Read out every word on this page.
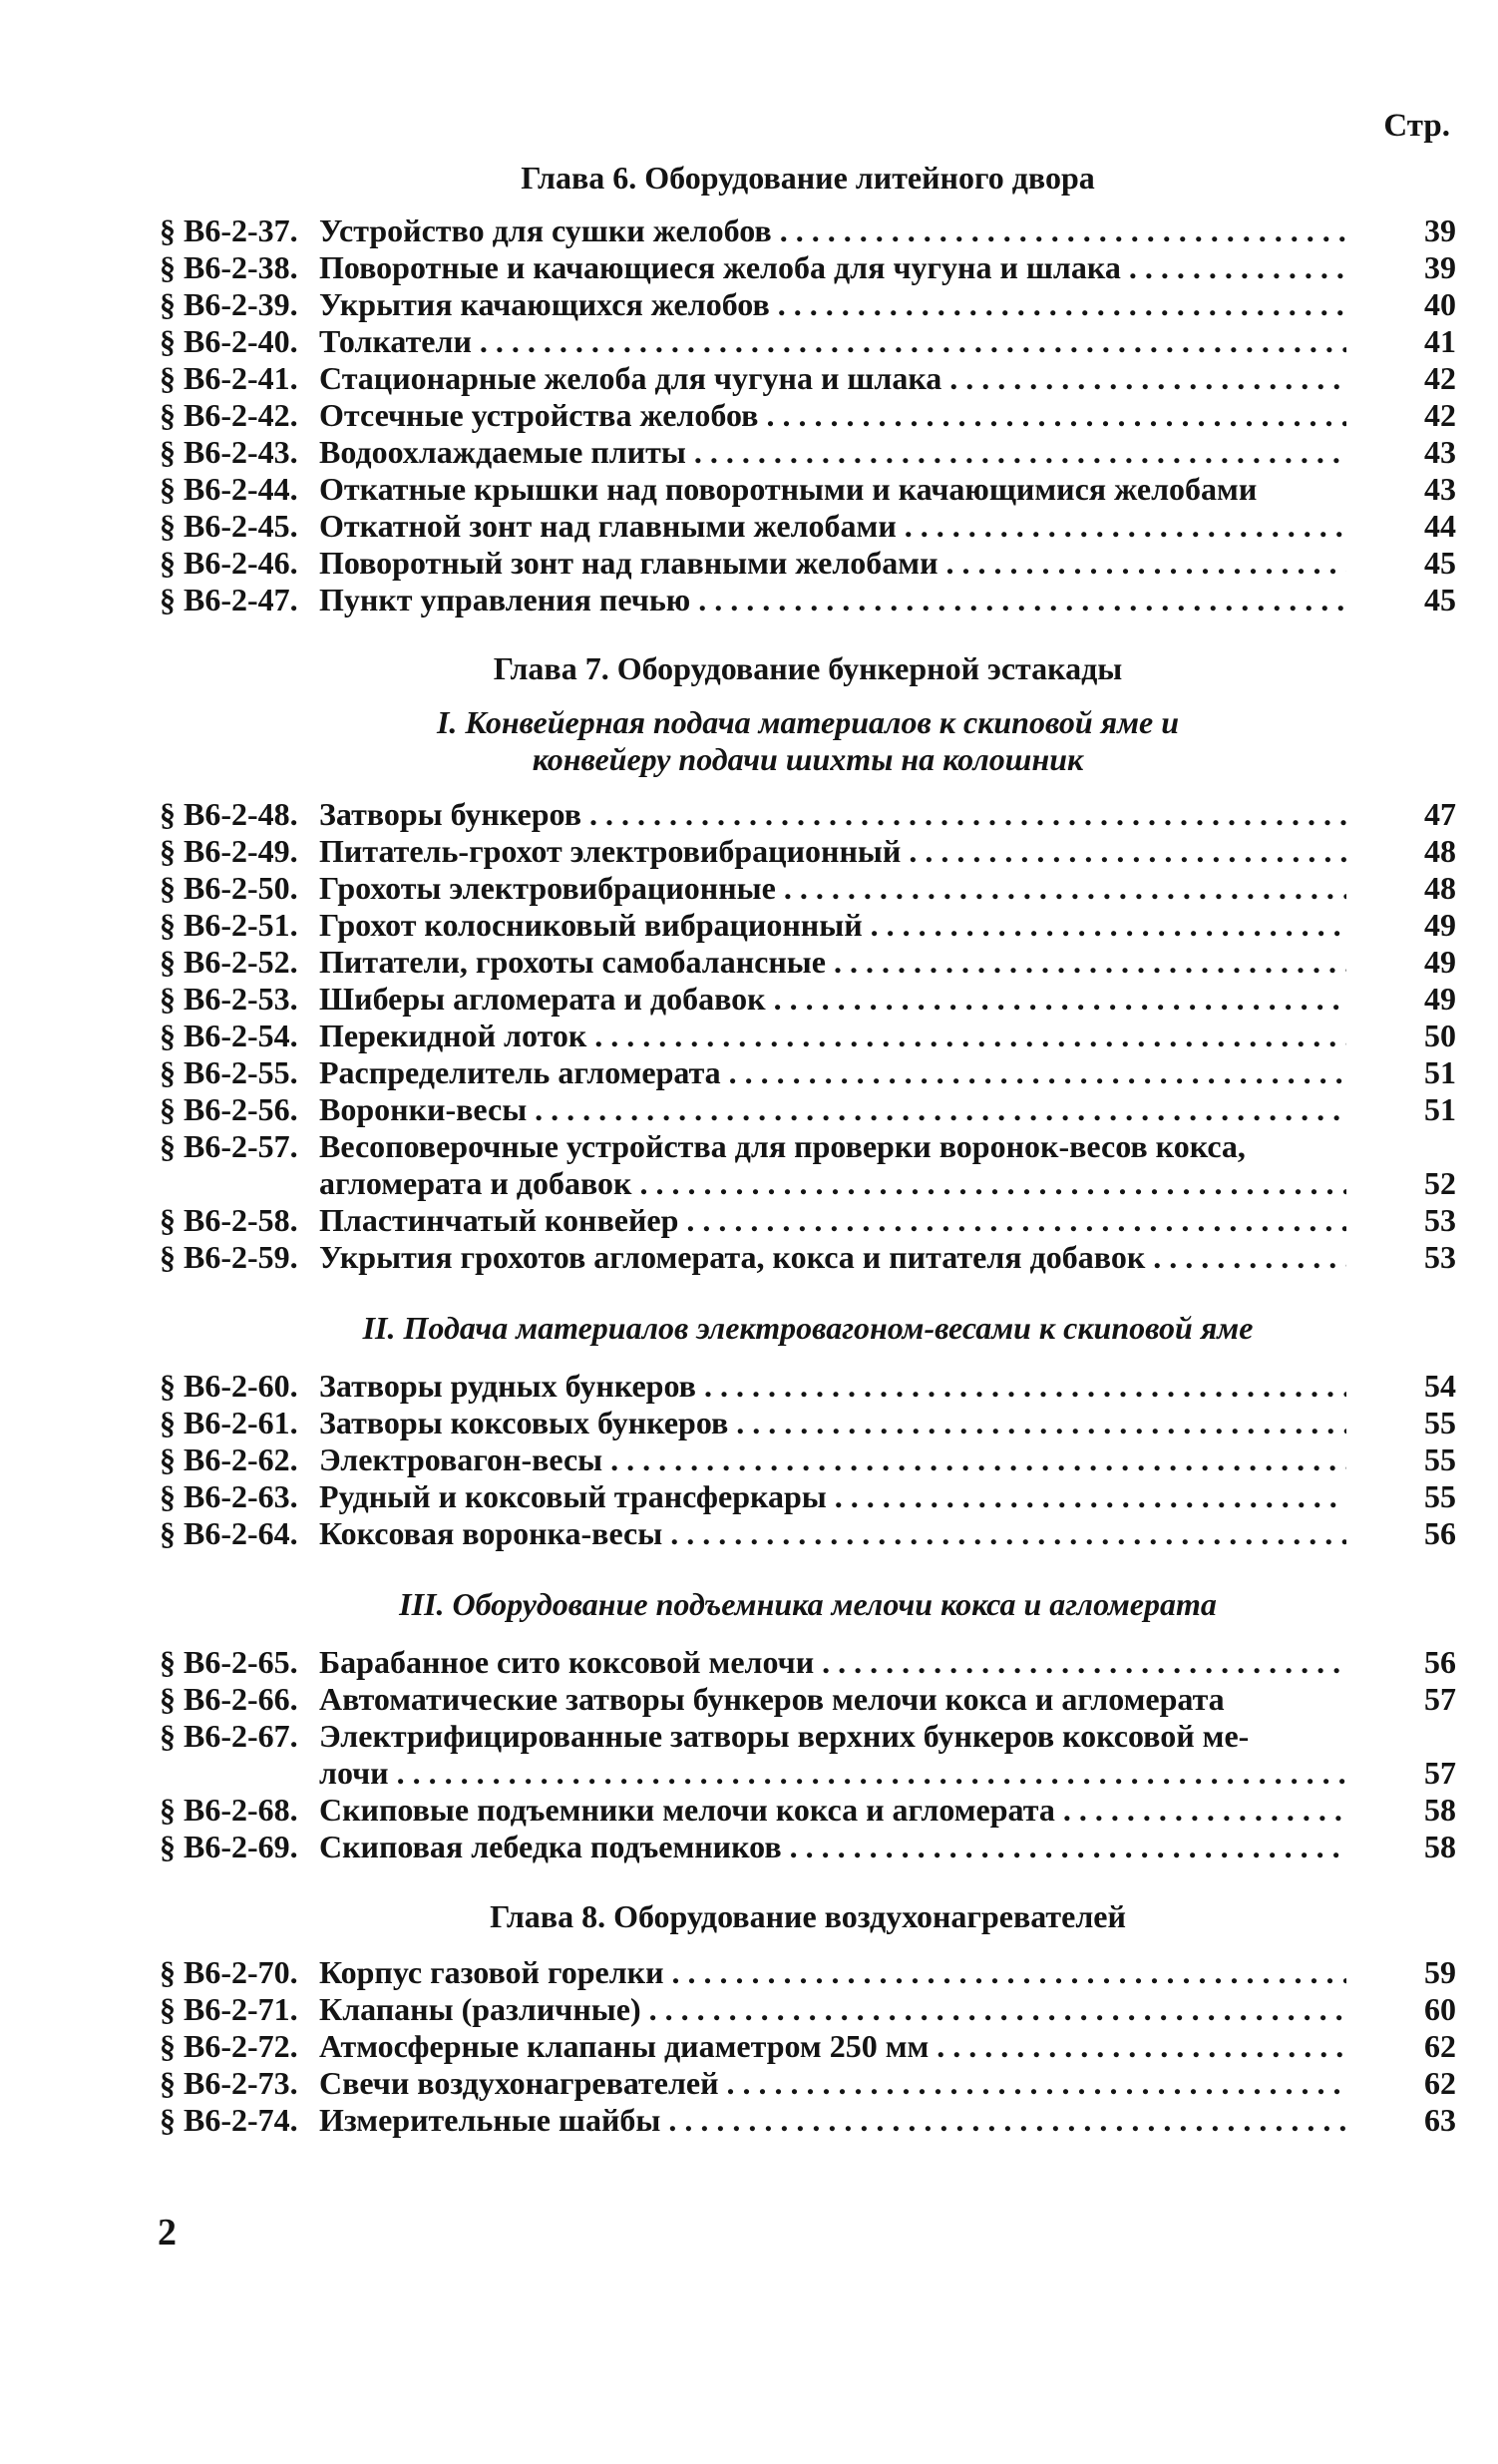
Стр.
Глава 6. Оборудование литейного двора
§ В6-2-37. Устройство для сушки желобов . . .	39
§ В6-2-38. Поворотные и качающиеся желоба для чугуна и шлака . . .	39
§ В6-2-39. Укрытия качающихся желобов . . .	40
§ В6-2-40. Толкатели . . .	41
§ В6-2-41. Стационарные желоба для чугуна и шлака . . .	42
§ В6-2-42. Отсечные устройства желобов . . .	42
§ В6-2-43. Водоохлаждаемые плиты . . .	43
§ В6-2-44. Откатные крышки над поворотными и качающимися желобами	43
§ В6-2-45. Откатной зонт над главными желобами . . .	44
§ В6-2-46. Поворотный зонт над главными желобами . . .	45
§ В6-2-47. Пункт управления печью . . .	45
Глава 7. Оборудование бункерной эстакады
I. Конвейерная подача материалов к скиповой яме и
конвейеру подачи шихты на колошник
§ В6-2-48. Затворы бункеров . . .	47
§ В6-2-49. Питатель-грохот электровибрационный . . .	48
§ В6-2-50. Грохоты электровибрационные . . .	48
§ В6-2-51. Грохот колосниковый вибрационный . . .	49
§ В6-2-52. Питатели, грохоты самобалансные . . .	49
§ В6-2-53. Шиберы агломерата и добавок . . .	49
§ В6-2-54. Перекидной лоток . . .	50
§ В6-2-55. Распределитель агломерата . . .	51
§ В6-2-56. Воронки-весы . . .	51
§ В6-2-57. Весоповерочные устройства для проверки воронок-весов кокса,
агломерата и добавок . . .	52
§ В6-2-58. Пластинчатый конвейер . . .	53
§ В6-2-59. Укрытия грохотов агломерата, кокса и питателя добавок . . .	53
II. Подача материалов электровагоном-весами к скиповой яме
§ В6-2-60. Затворы рудных бункеров . . .	54
§ В6-2-61. Затворы коксовых бункеров . . .	55
§ В6-2-62. Электровагон-весы . . .	55
§ В6-2-63. Рудный и коксовый трансферкары . . .	55
§ В6-2-64. Коксовая воронка-весы . . .	56
III. Оборудование подъемника мелочи кокса и агломерата
§ В6-2-65. Барабанное сито коксовой мелочи . . .	56
§ В6-2-66. Автоматические затворы бункеров мелочи кокса и агломерата	57
§ В6-2-67. Электрифицированные затворы верхних бункеров коксовой ме-
лочи . . .	57
§ В6-2-68. Скиповые подъемники мелочи кокса и агломерата . . .	58
§ В6-2-69. Скиповая лебедка подъемников . . .	58
Глава 8. Оборудование воздухонагревателей
§ В6-2-70. Корпус газовой горелки . . .	59
§ В6-2-71. Клапаны (различные) . . .	60
§ В6-2-72. Атмосферные клапаны диаметром 250 мм . . .	62
§ В6-2-73. Свечи воздухонагревателей . . .	62
§ В6-2-74. Измерительные шайбы . . .	63
2
